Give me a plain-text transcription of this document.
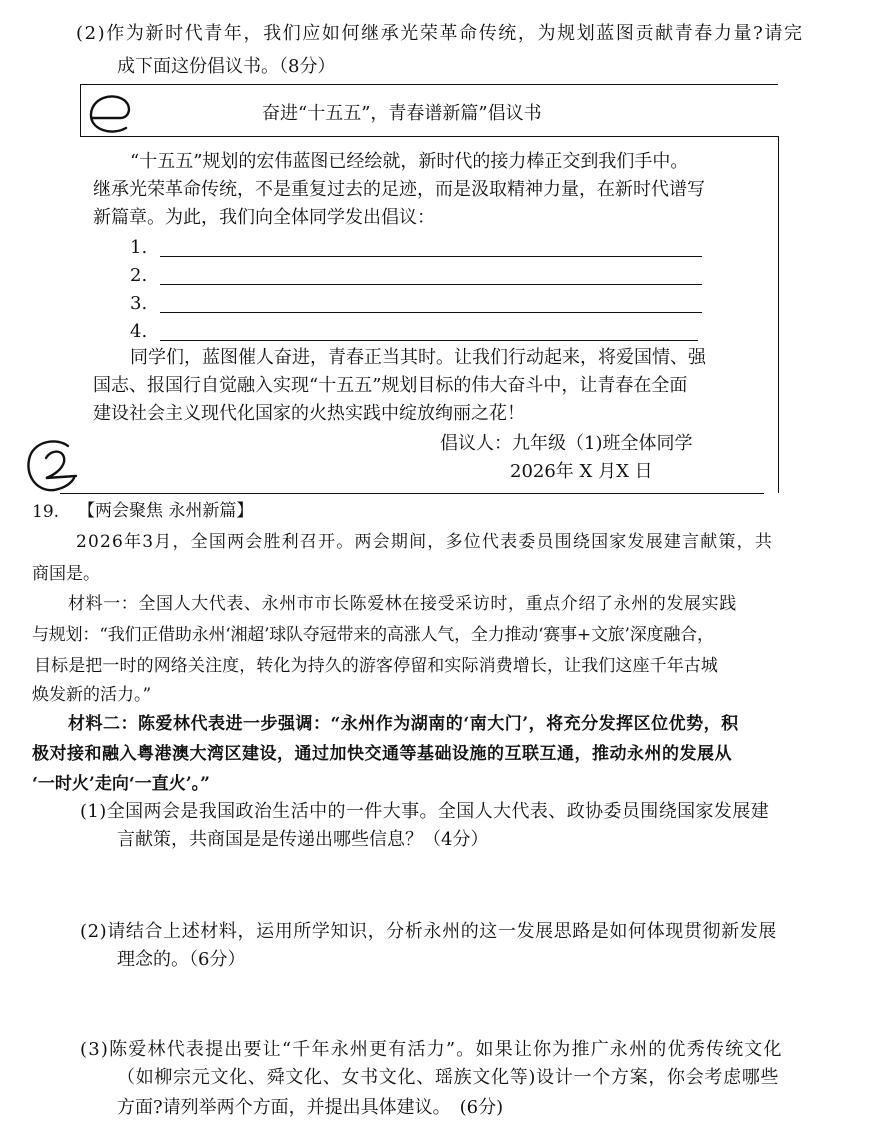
(2)作为新时代青年，我们应如何继承光荣革命传统，为规划蓝图贡献青春力量?请完
成下面这份倡议书。（8分）
奋进“十五五”，青春谱新篇”倡议书
“十五五”规划的宏伟蓝图已经绘就，新时代的接力棒正交到我们手中。
继承光荣革命传统，不是重复过去的足迹，而是汲取精神力量，在新时代谱写
新篇章。为此，我们向全体同学发出倡议：
1.
2.
3.
4.
同学们，蓝图催人奋进，青春正当其时。让我们行动起来，将爱国情、强
国志、报国行自觉融入实现“十五五”规划目标的伟大奋斗中，让青春在全面
建设社会主义现代化国家的火热实践中绽放绚丽之花！
倡议人：九年级（1)班全体同学
2026年 X 月X 日
19. 【两会聚焦 永州新篇】
2026年3月，全国两会胜利召开。两会期间，多位代表委员围绕国家发展建言献策，共
商国是。
材料一：全国人大代表、永州市市长陈爱林在接受采访时，重点介绍了永州的发展实践
与规划：“我们正借助永州‘湘超’球队夺冠带来的高涨人气，全力推动‘赛事+文旅’深度融合，
目标是把一时的网络关注度，转化为持久的游客停留和实际消费增长，让我们这座千年古城
焕发新的活力。”
材料二：陈爱林代表进一步强调：“永州作为湖南的‘南大门’，将充分发挥区位优势，积
极对接和融入粤港澳大湾区建设，通过加快交通等基础设施的互联互通，推动永州的发展从
‘一时火’走向‘一直火’。”
(1)全国两会是我国政治生活中的一件大事。全国人大代表、政协委员围绕国家发展建
言献策，共商国是是传递出哪些信息？（4分）
(2)请结合上述材料，运用所学知识，分析永州的这一发展思路是如何体现贯彻新发展
理念的。（6分）
(3)陈爱林代表提出要让“千年永州更有活力”。如果让你为推广永州的优秀传统文化
（如柳宗元文化、舜文化、女书文化、瑶族文化等)设计一个方案，你会考虑哪些
方面?请列举两个方面，并提出具体建议。　(6分)
